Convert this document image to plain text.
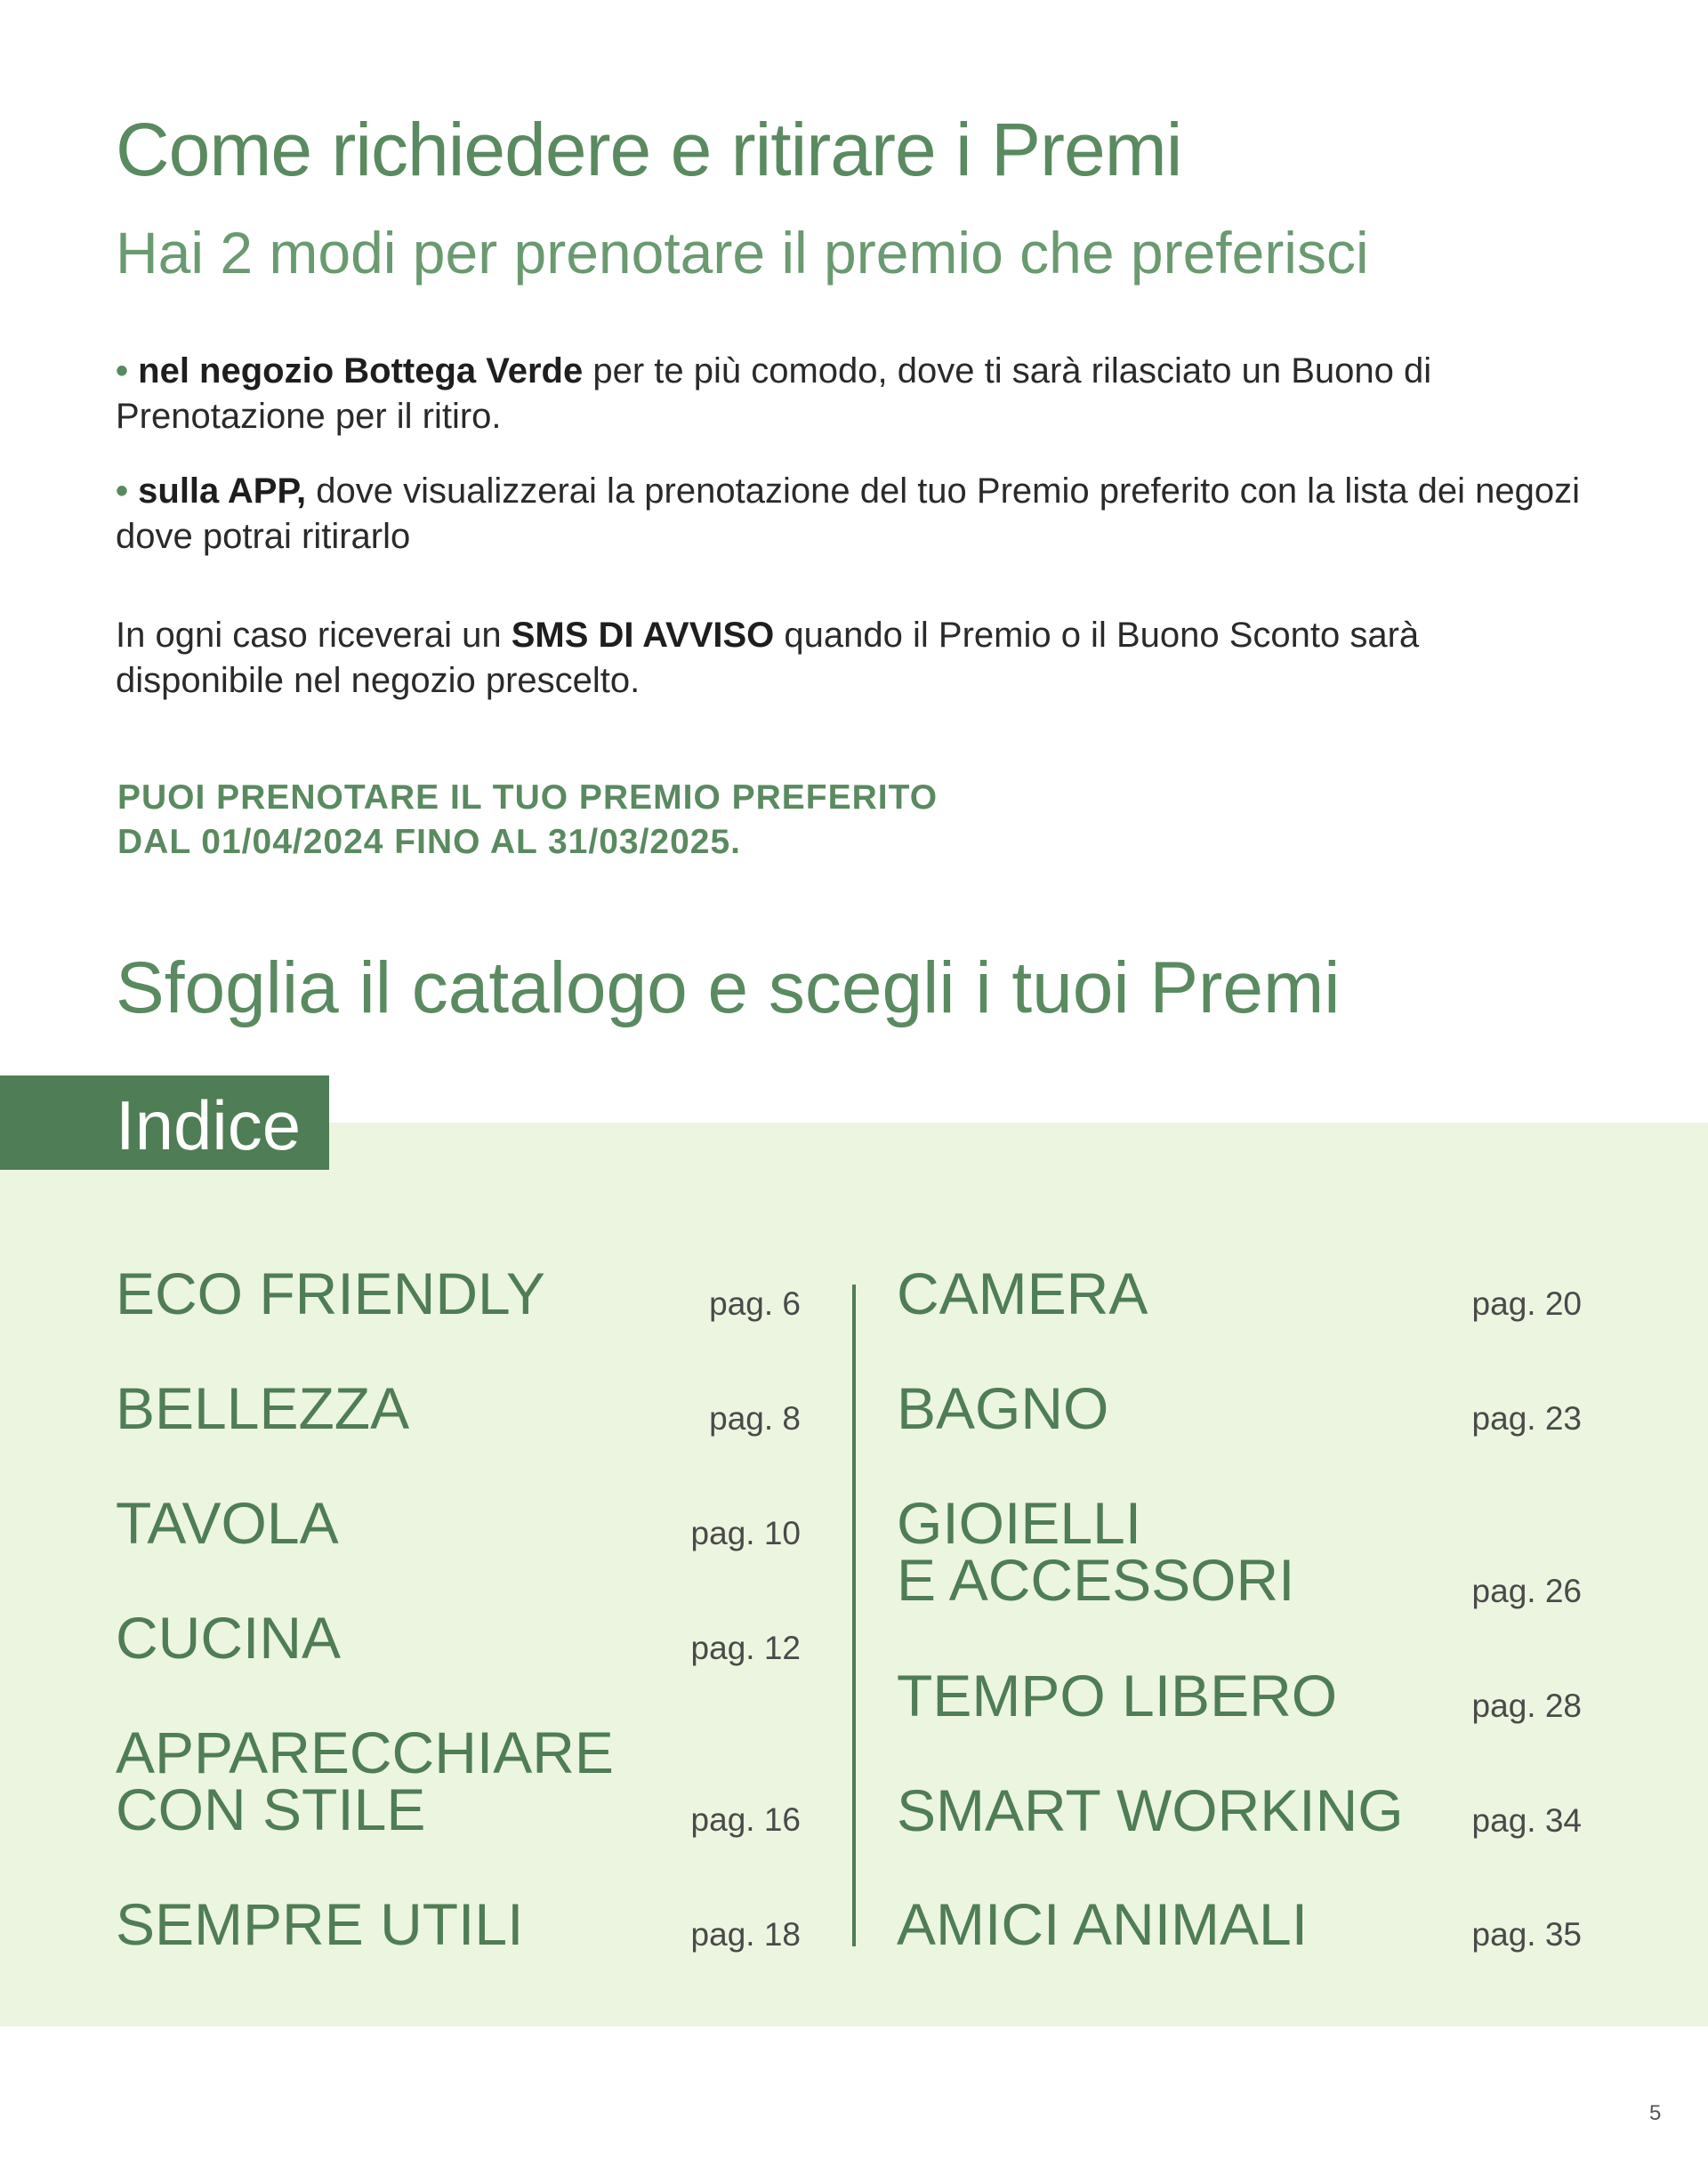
Come richiedere e ritirare i Premi
Hai 2 modi per prenotare il premio che preferisci

• nel negozio Bottega Verde per te più comodo, dove ti sarà rilasciato un Buono di Prenotazione per il ritiro.

• sulla APP, dove visualizzerai la prenotazione del tuo Premio preferito con la lista dei negozi dove potrai ritirarlo

In ogni caso riceverai un SMS DI AVVISO quando il Premio o il Buono Sconto sarà disponibile nel negozio prescelto.

PUOI PRENOTARE IL TUO PREMIO PREFERITO
DAL 01/04/2024 FINO AL 31/03/2025.

Sfoglia il catalogo e scegli i tuoi Premi
Indice
ECO FRIENDLY	pag. 6
BELLEZZA	pag. 8
TAVOLA	pag. 10
CUCINA	pag. 12
APPARECCHIARE
CON STILE	pag. 16
SEMPRE UTILI	pag. 18
CAMERA	pag. 20
BAGNO	pag. 23
GIOIELLI
E ACCESSORI	pag. 26
TEMPO LIBERO	pag. 28
SMART WORKING	pag. 34
AMICI ANIMALI	pag. 35
5
